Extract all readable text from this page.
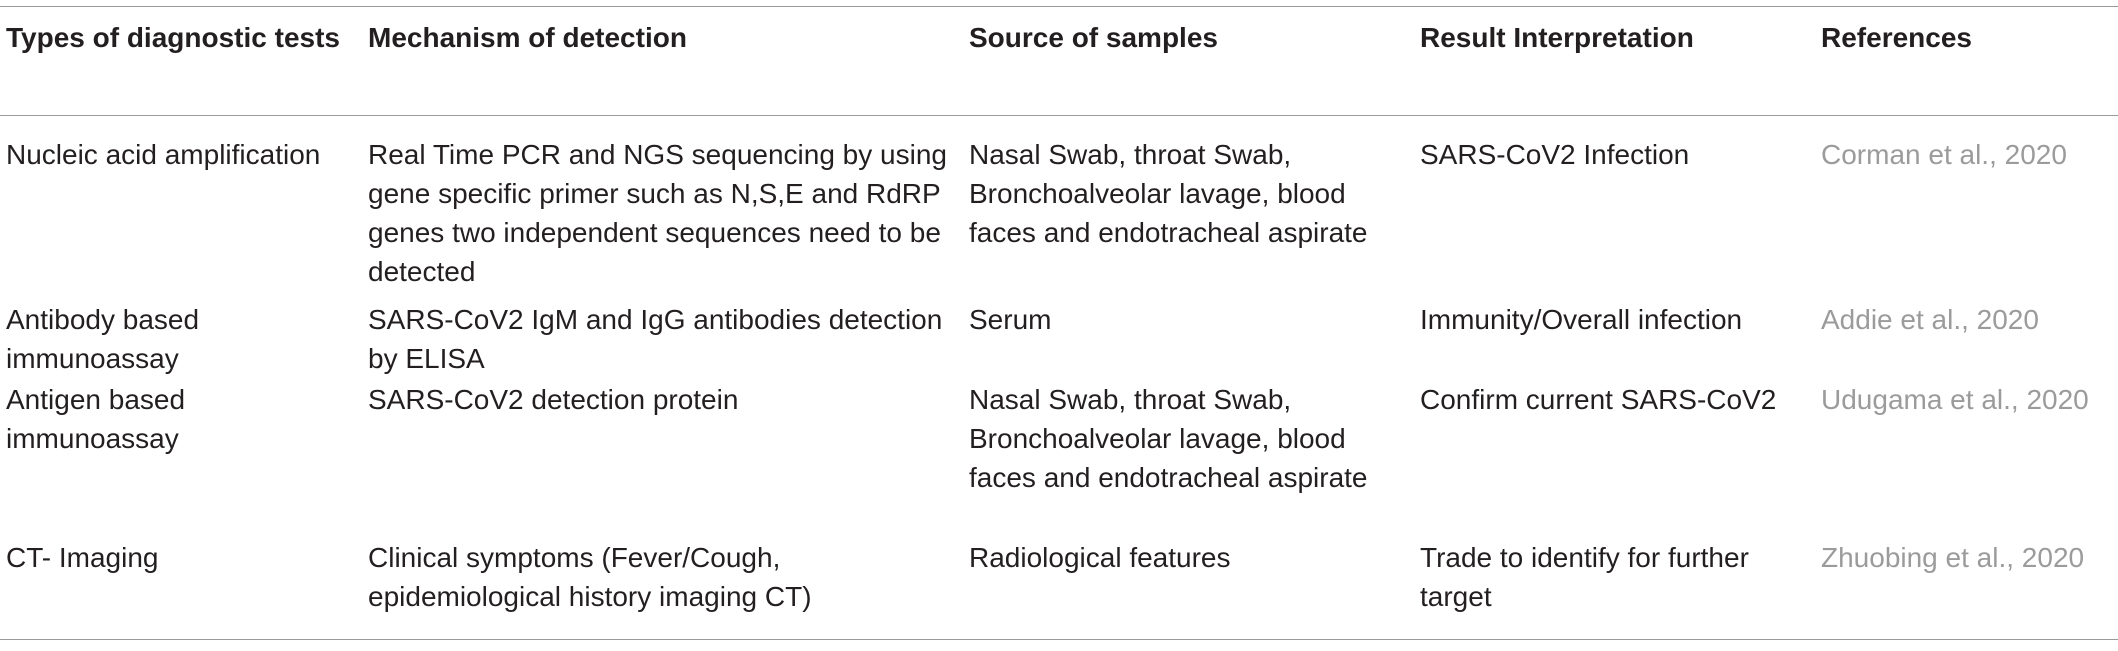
Types of diagnostic tests	Mechanism of detection	Source of samples	Result Interpretation	References
Nucleic acid amplification	Real Time PCR and NGS sequencing by using gene specific primer such as N,S,E and RdRP genes two independent sequences need to be detected	Nasal Swab, throat Swab, Bronchoalveolar lavage, blood faces and endotracheal aspirate	SARS-CoV2 Infection	Corman et al., 2020
Antibody based immunoassay	SARS-CoV2 IgM and IgG antibodies detection by ELISA	Serum	Immunity/Overall infection	Addie et al., 2020
Antigen based immunoassay	SARS-CoV2 detection protein	Nasal Swab, throat Swab, Bronchoalveolar lavage, blood faces and endotracheal aspirate	Confirm current SARS-CoV2	Udugama et al., 2020
CT- Imaging	Clinical symptoms (Fever/Cough, epidemiological history imaging CT)	Radiological features	Trade to identify for further target	Zhuobing et al., 2020
